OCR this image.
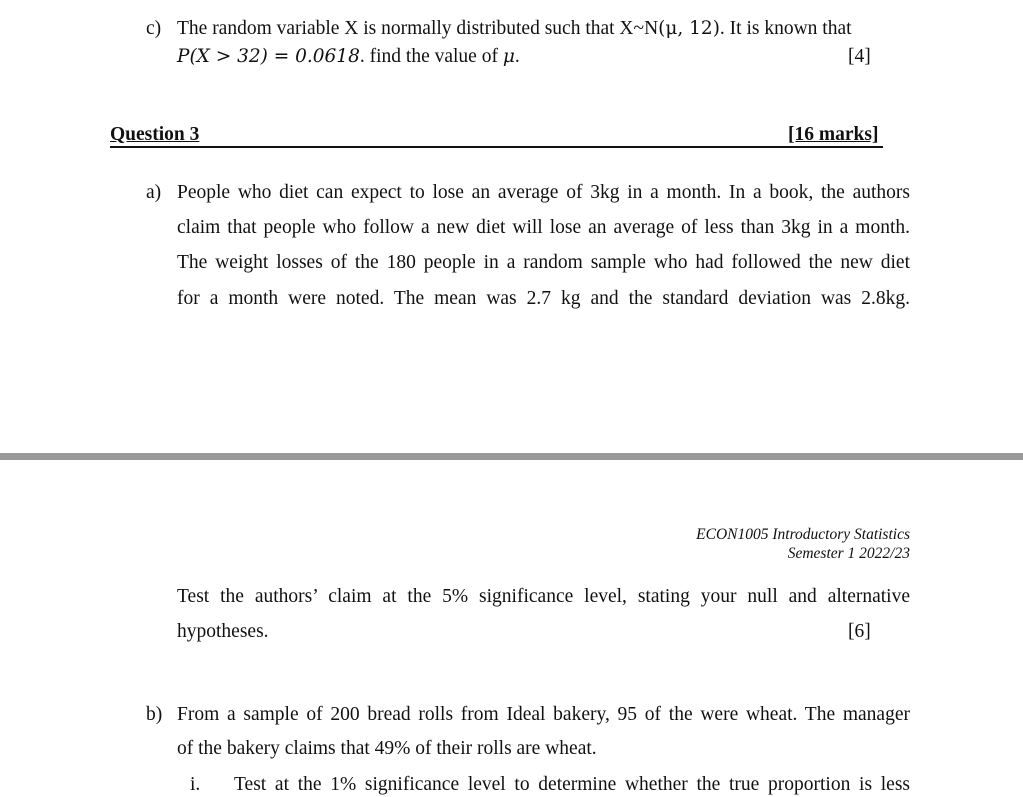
c) The random variable X is normally distributed such that X~N(μ, 12). It is known that
P(X > 32) = 0.0618. find the value of μ.	[4]
Question 3	[16 marks]
a) People who diet can expect to lose an average of 3kg in a month. In a book, the authors
claim that people who follow a new diet will lose an average of less than 3kg in a month.
The weight losses of the 180 people in a random sample who had followed the new diet
for a month were noted. The mean was 2.7 kg and the standard deviation was 2.8kg.
ECON1005 Introductory Statistics
Semester 1 2022/23
Test the authors’ claim at the 5% significance level, stating your null and alternative
hypotheses.	[6]
b) From a sample of 200 bread rolls from Ideal bakery, 95 of the were wheat. The manager
of the bakery claims that 49% of their rolls are wheat.
i. Test at the 1% significance level to determine whether the true proportion is less
